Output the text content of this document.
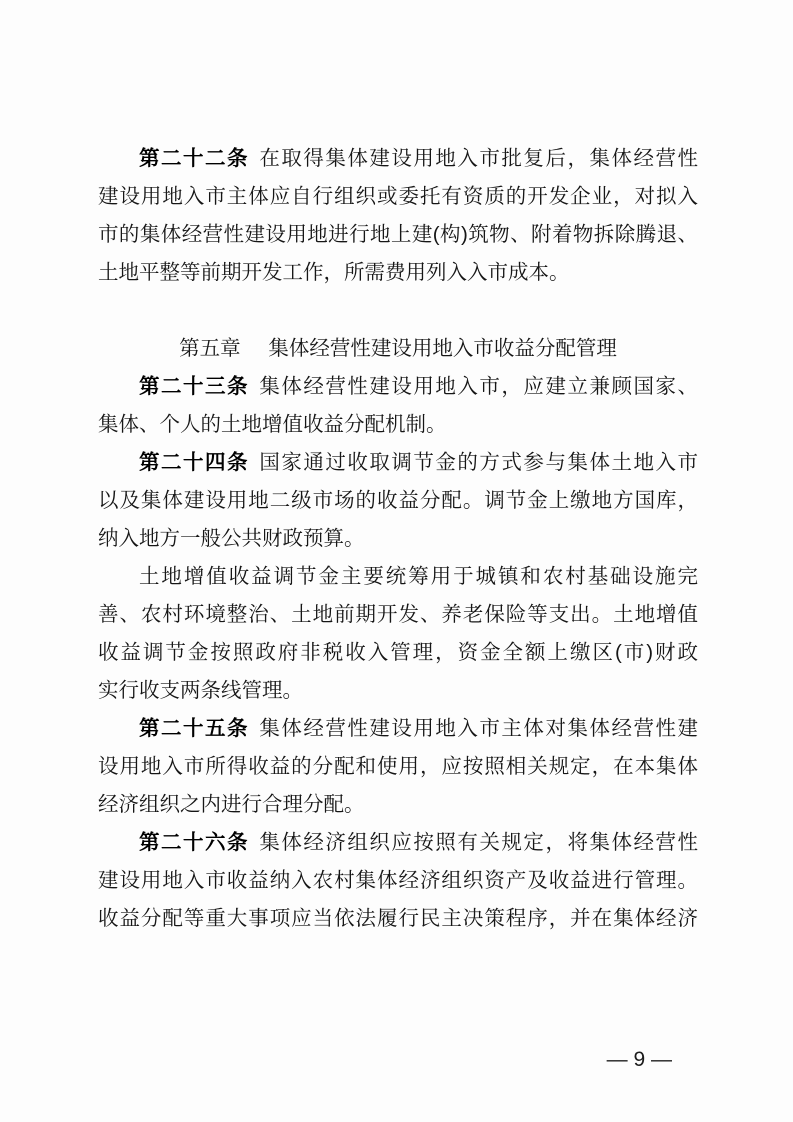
第二十二条 在取得集体建设用地入市批复后，集体经营性
建设用地入市主体应自行组织或委托有资质的开发企业，对拟入
市的集体经营性建设用地进行地上建(构)筑物、附着物拆除腾退、
土地平整等前期开发工作，所需费用列入入市成本。
第五章 集体经营性建设用地入市收益分配管理
第二十三条 集体经营性建设用地入市，应建立兼顾国家、
集体、个人的土地增值收益分配机制。
第二十四条 国家通过收取调节金的方式参与集体土地入市
以及集体建设用地二级市场的收益分配。调节金上缴地方国库，
纳入地方一般公共财政预算。
土地增值收益调节金主要统筹用于城镇和农村基础设施完
善、农村环境整治、土地前期开发、养老保险等支出。土地增值
收益调节金按照政府非税收入管理，资金全额上缴区(市)财政
实行收支两条线管理。
第二十五条 集体经营性建设用地入市主体对集体经营性建
设用地入市所得收益的分配和使用，应按照相关规定，在本集体
经济组织之内进行合理分配。
第二十六条 集体经济组织应按照有关规定，将集体经营性
建设用地入市收益纳入农村集体经济组织资产及收益进行管理。
收益分配等重大事项应当依法履行民主决策程序，并在集体经济

— 9 —
